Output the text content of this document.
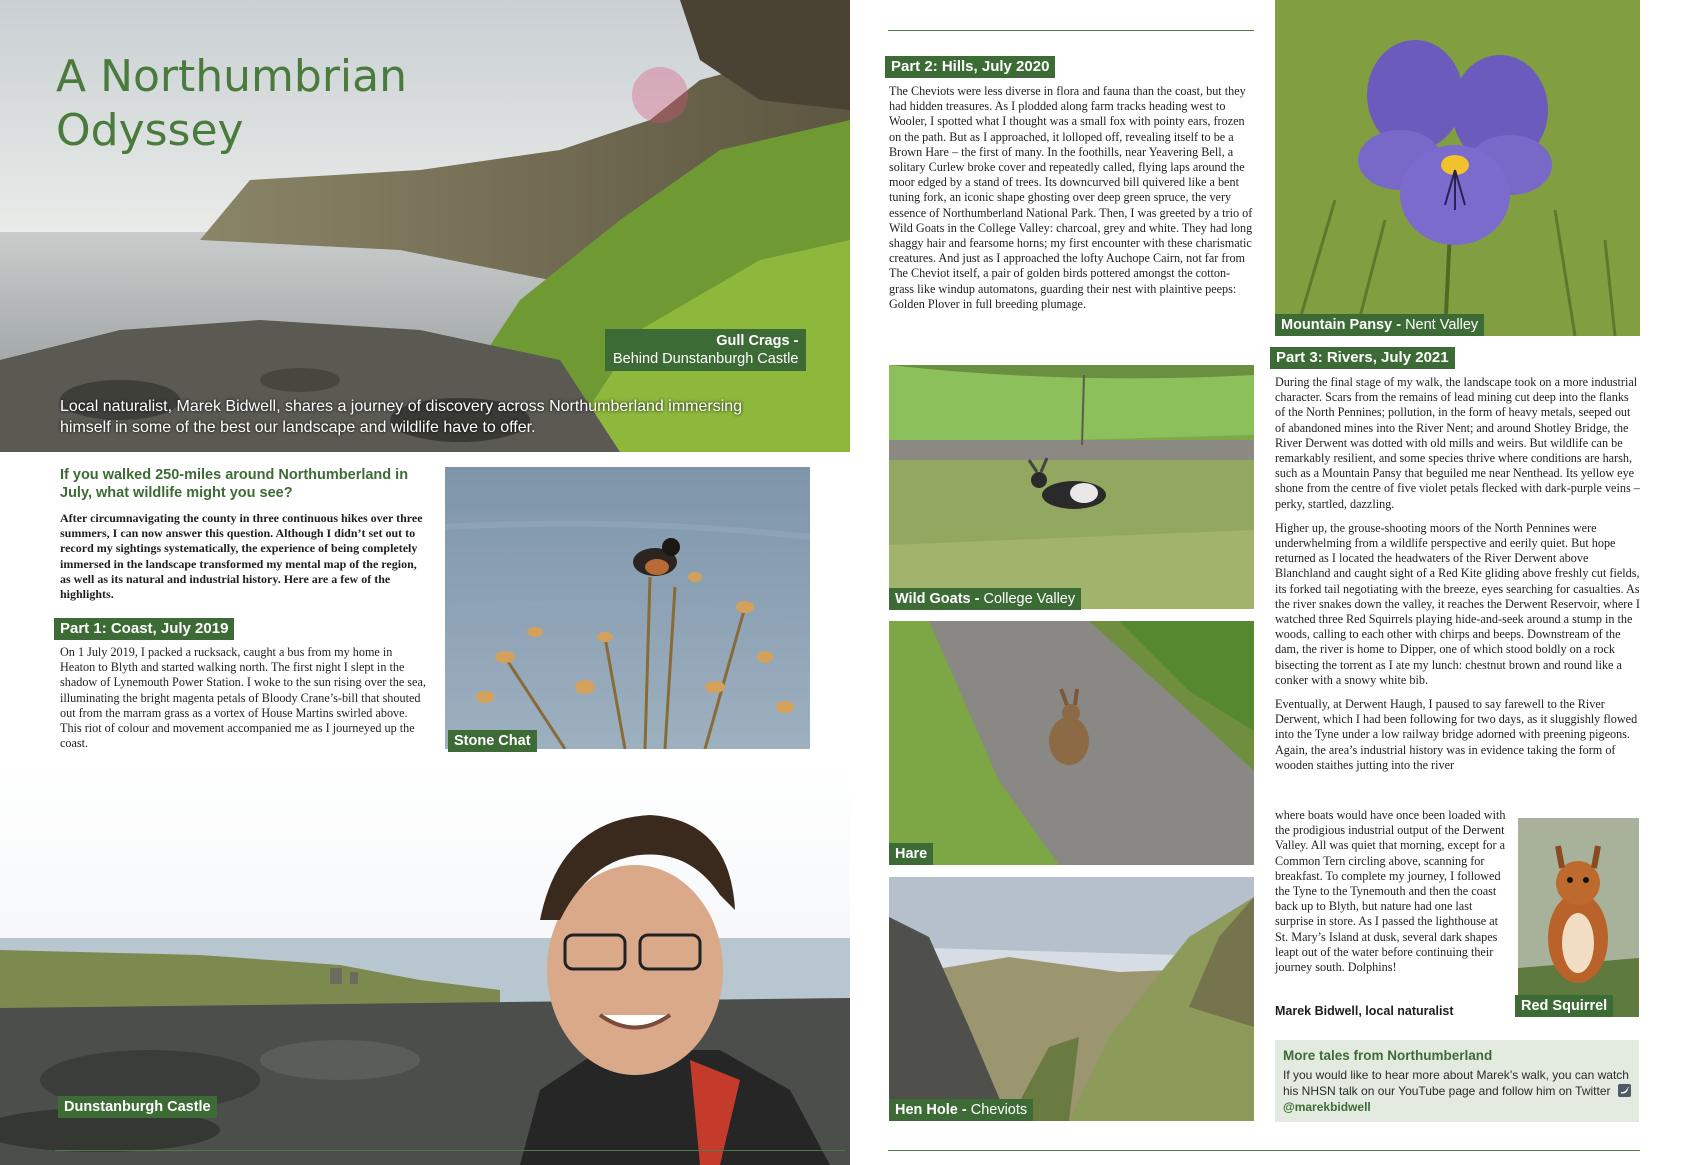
A Northumbrian
Odyssey
Gull Crags -
Behind Dunstanburgh Castle
Local naturalist, Marek Bidwell, shares a journey of discovery across Northumberland immersing himself in some of the best our landscape and wildlife have to offer.
If you walked 250-miles around Northumberland in July, what wildlife might you see?

After circumnavigating the county in three continuous hikes over three summers, I can now answer this question. Although I didn’t set out to record my sightings systematically, the experience of being completely immersed in the landscape transformed my mental map of the region, as well as its natural and industrial history. Here are a few of the highlights.

Part 1: Coast, July 2019

On 1 July 2019, I packed a rucksack, caught a bus from my home in Heaton to Blyth and started walking north. The first night I slept in the shadow of Lynemouth Power Station. I woke to the sun rising over the sea, illuminating the bright magenta petals of Bloody Crane’s-bill that shouted out from the marram grass as a vortex of House Martins swirled above. This riot of colour and movement accompanied me as I journeyed up the coast.	Stone Chat
Dunstanburgh Castle
Part 2: Hills, July 2020

The Cheviots were less diverse in flora and fauna than the coast, but they had hidden treasures. As I plodded along farm tracks heading west to Wooler, I spotted what I thought was a small fox with pointy ears, frozen on the path. But as I approached, it lolloped off, revealing itself to be a Brown Hare – the first of many. In the foothills, near Yeavering Bell, a solitary Curlew broke cover and repeatedly called, flying laps around the moor edged by a stand of trees. Its downcurved bill quivered like a bent tuning fork, an iconic shape ghosting over deep green spruce, the very essence of Northumberland National Park. Then, I was greeted by a trio of Wild Goats in the College Valley: charcoal, grey and white. They had long shaggy hair and fearsome horns; my first encounter with these charismatic creatures. And just as I approached the lofty Auchope Cairn, not far from The Cheviot itself, a pair of golden birds pottered amongst the cotton-grass like windup automatons, guarding their nest with plaintive peeps: Golden Plover in full breeding plumage.

Wild Goats - College Valley
Hare
Hen Hole - Cheviots
Mountain Pansy - Nent Valley
Part 3: Rivers, July 2021

During the final stage of my walk, the landscape took on a more industrial character. Scars from the remains of lead mining cut deep into the flanks of the North Pennines; pollution, in the form of heavy metals, seeped out of abandoned mines into the River Nent; and around Shotley Bridge, the River Derwent was dotted with old mills and weirs. But wildlife can be remarkably resilient, and some species thrive where conditions are harsh, such as a Mountain Pansy that beguiled me near Nenthead. Its yellow eye shone from the centre of five violet petals flecked with dark-purple veins – perky, startled, dazzling.

Higher up, the grouse-shooting moors of the North Pennines were underwhelming from a wildlife perspective and eerily quiet. But hope returned as I located the headwaters of the River Derwent above Blanchland and caught sight of a Red Kite gliding above freshly cut fields, its forked tail negotiating with the breeze, eyes searching for casualties. As the river snakes down the valley, it reaches the Derwent Reservoir, where I watched three Red Squirrels playing hide-and-seek around a stump in the woods, calling to each other with chirps and beeps. Downstream of the dam, the river is home to Dipper, one of which stood boldly on a rock bisecting the torrent as I ate my lunch: chestnut brown and round like a conker with a snowy white bib.

Eventually, at Derwent Haugh, I paused to say farewell to the River Derwent, which I had been following for two days, as it sluggishly flowed into the Tyne under a low railway bridge adorned with preening pigeons. Again, the area’s industrial history was in evidence taking the form of wooden staithes jutting into the river

where boats would have once been loaded with the prodigious industrial output of the Derwent Valley. All was quiet that morning, except for a Common Tern circling above, scanning for breakfast. To complete my journey, I followed the Tyne to the Tynemouth and then the coast back up to Blyth, but nature had one last surprise in store. As I passed the lighthouse at St. Mary’s Island at dusk, several dark shapes leapt out of the water before continuing their journey south. Dolphins!

Marek Bidwell, local naturalist	Red Squirrel
More tales from Northumberland
If you would like to hear more about Marek’s walk, you can watch his NHSN talk on our YouTube page and follow him on Twitter
@marekbidwell
